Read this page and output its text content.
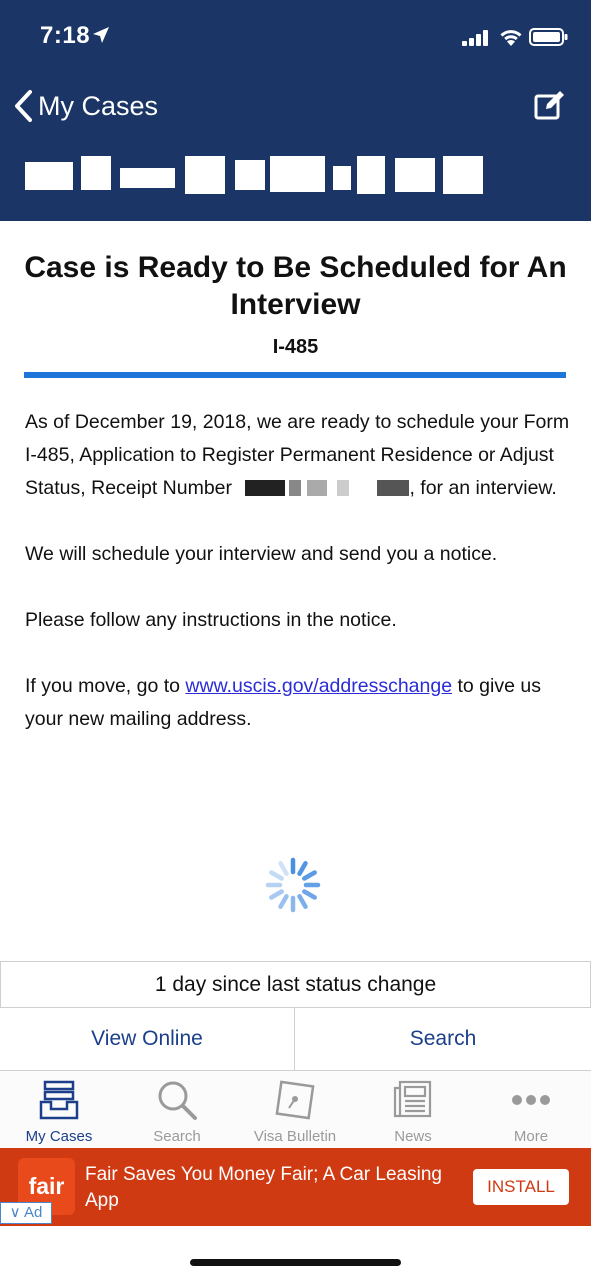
7:18
My Cases
Case is Ready to Be Scheduled for An Interview
I-485

As of December 19, 2018, we are ready to schedule your Form I-485, Application to Register Permanent Residence or Adjust Status, Receipt Number	, for an interview.

We will schedule your interview and send you a notice.

Please follow any instructions in the notice.

If you move, go to www.uscis.gov/addresschange to give us your new mailing address.

1 day since last status change
View Online	Search
My Cases	Search	Visa Bulletin	News	More
fair	Fair Saves You Money Fair; A Car Leasing App
INSTALL
∨ Ad
